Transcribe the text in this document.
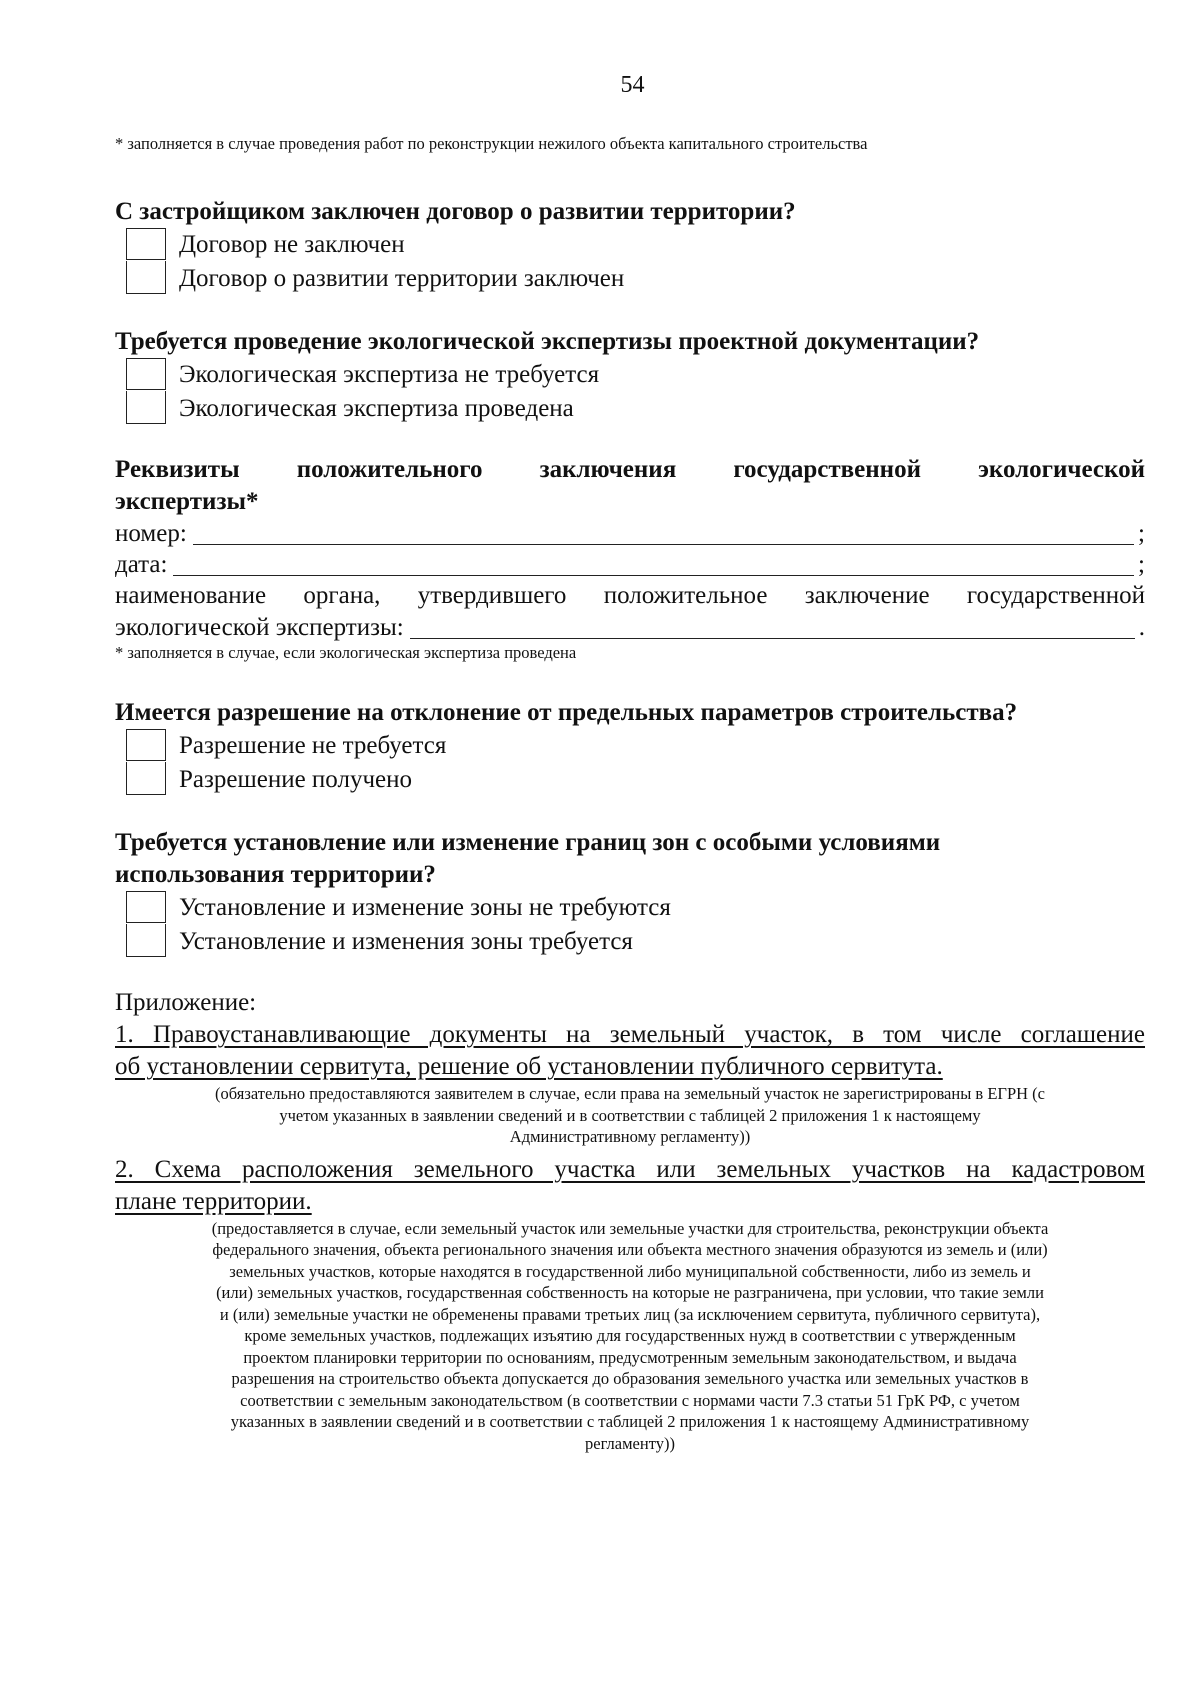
54
* заполняется в случае проведения работ по реконструкции нежилого объекта капитального строительства

С застройщиком заключен договор о развитии территории?

Договор не заключен
Договор о развитии территории заключен

Требуется проведение экологической экспертизы проектной документации?

Экологическая экспертиза не требуется
Экологическая экспертиза проведена

Реквизиты положительного заключения государственной экологической

экспертизы*

номер:	;
дата:	;

наименование органа, утвердившего положительное заключение государственной

экологической экспертизы:	.
* заполняется в случае, если экологическая экспертиза проведена

Имеется разрешение на отклонение от предельных параметров строительства?

Разрешение не требуется
Разрешение получено

Требуется установление или изменение границ зон с особыми условиями

использования территории?

Установление и изменение зоны не требуются
Установление и изменения зоны требуется

Приложение:

1. Правоустанавливающие документы на земельный участок, в том числе соглашение

об установлении сервитута, решение об установлении публичного сервитута.

(обязательно предоставляются заявителем в случае, если права на земельный участок не зарегистрированы в ЕГРН (с

учетом указанных в заявлении сведений и в соответствии с таблицей 2 приложения 1 к настоящему

Административному регламенту))

2. Схема расположения земельного участка или земельных участков на кадастровом

плане территории.

(предоставляется в случае, если земельный участок или земельные участки для строительства, реконструкции объекта

федерального значения, объекта регионального значения или объекта местного значения образуются из земель и (или)

земельных участков, которые находятся в государственной либо муниципальной собственности, либо из земель и

(или) земельных участков, государственная собственность на которые не разграничена, при условии, что такие земли

и (или) земельные участки не обременены правами третьих лиц (за исключением сервитута, публичного сервитута),

кроме земельных участков, подлежащих изъятию для государственных нужд в соответствии с утвержденным

проектом планировки территории по основаниям, предусмотренным земельным законодательством, и выдача

разрешения на строительство объекта допускается до образования земельного участка или земельных участков в

соответствии с земельным законодательством (в соответствии с нормами части 7.3 статьи 51 ГрК РФ, с учетом

указанных в заявлении сведений и в соответствии с таблицей 2 приложения 1 к настоящему Административному

регламенту))
